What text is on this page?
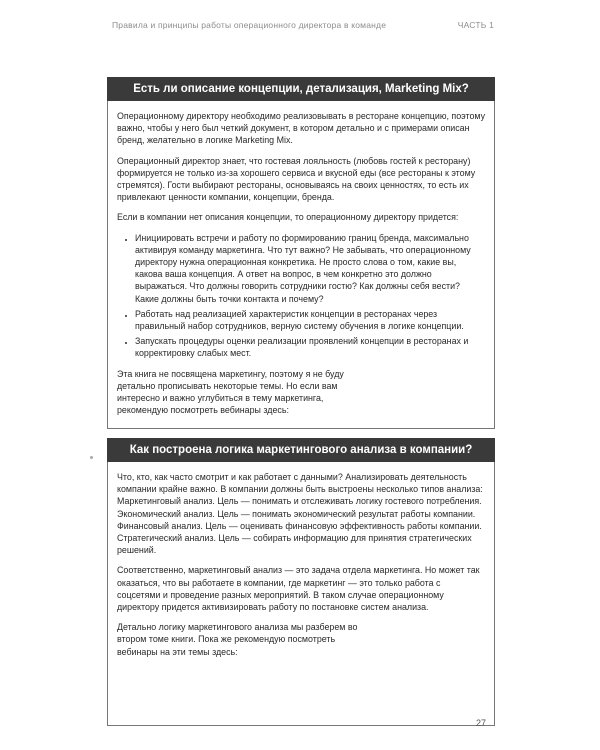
Правила и принципы работы операционного директора в команде	ЧАСТЬ 1
Есть ли описание концепции, детализация, Marketing Mix?

Операционному директору необходимо реализовывать в ресторане концепцию, поэтому важно, чтобы у него был четкий документ, в котором детально и с примерами описан бренд, желательно в логике Marketing Mix.

Операционный директор знает, что гостевая лояльность (любовь гостей к ресторану) формируется не только из-за хорошего сервиса и вкусной еды (все рестораны к этому стремятся). Гости выбирают рестораны, основываясь на своих ценностях, то есть их привлекают ценности компании, концепции, бренда.

Если в компании нет описания концепции, то операционному директору придется:

• Инициировать встречи и работу по формированию границ бренда, максимально активируя команду маркетинга. Что тут важно? Не забывать, что операционному директору нужна операционная конкретика. Не просто слова о том, какие вы, какова ваша концепция. А ответ на вопрос, в чем конкретно это должно выражаться. Что должны говорить сотрудники гостю? Как должны себя вести? Какие должны быть точки контакта и почему?
• Работать над реализацией характеристик концепции в ресторанах через правильный набор сотрудников, верную систему обучения в логике концепции.
• Запускать процедуры оценки реализации проявлений концепции в ресторанах и корректировку слабых мест.

Эта книга не посвящена маркетингу, поэтому я не буду детально прописывать некоторые темы. Но если вам интересно и важно углубиться в тему маркетинга, рекомендую посмотреть вебинары здесь:

Как построена логика маркетингового анализа в компании?

Что, кто, как часто смотрит и как работает с данными? Анализировать деятельность компании крайне важно. В компании должны быть выстроены несколько типов анализа: Маркетинговый анализ. Цель — понимать и отслеживать логику гостевого потребления. Экономический анализ. Цель — понимать экономический результат работы компании. Финансовый анализ. Цель — оценивать финансовую эффективность работы компании. Стратегический анализ. Цель — собирать информацию для принятия стратегических решений.

Соответственно, маркетинговый анализ — это задача отдела маркетинга. Но может так оказаться, что вы работаете в компании, где маркетинг — это только работа с соцсетями и проведение разных мероприятий. В таком случае операционному директору придется активизировать работу по постановке систем анализа.

Детально логику маркетингового анализа мы разберем во втором томе книги. Пока же рекомендую посмотреть вебинары на эти темы здесь:

27
